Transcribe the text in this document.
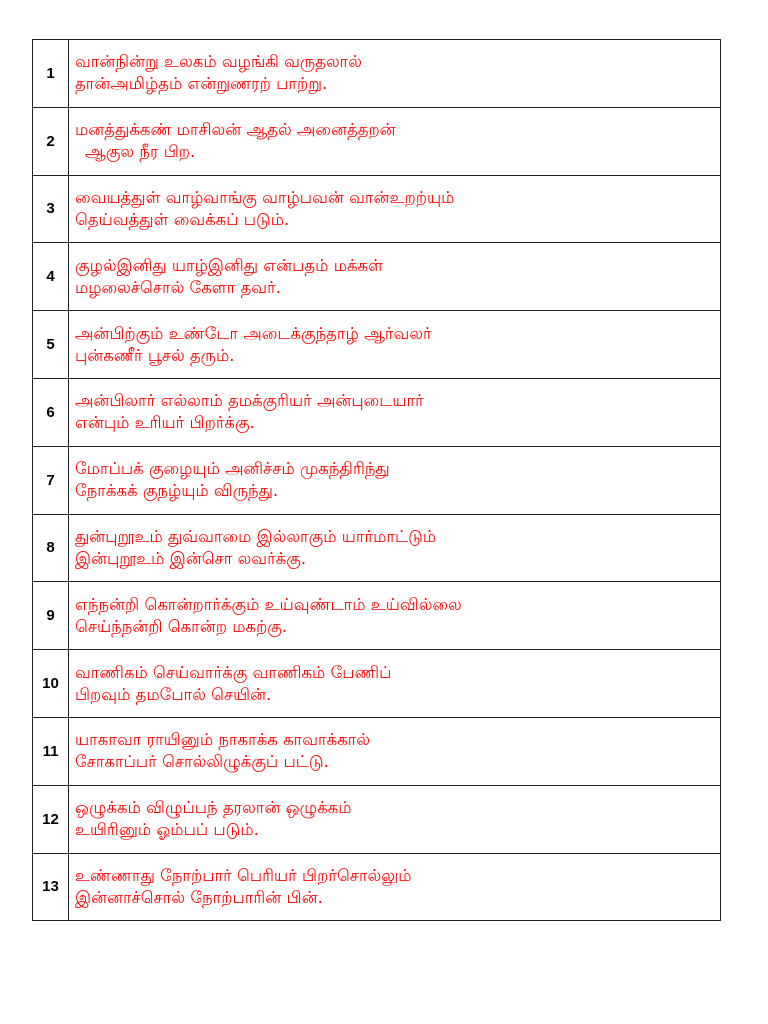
1	வான்நின்று உலகம் வழங்கி வருதலால்
தான்அமிழ்தம் என்றுணரற் பாற்று.

2	மனத்துக்கண் மாசிலன் ஆதல் அனைத்தறன்
ஆகுல நீர பிற.

3	வையத்துள் வாழ்வாங்கு வாழ்பவன் வான்உறற்யும்
தெய்வத்துள் வைக்கப் படும்.

4	குழல்இனிது யாழ்இனிது என்பதம் மக்கள்
மழலைச்சொல் கேளா தவர்.

5	அன்பிற்கும் உண்டோ அடைக்குந்தாழ் ஆர்வலர்
புன்கணீர் பூசல் தரும்.

6	அன்பிலார் எல்லாம் தமக்குரியர் அன்புடையார்
என்பும் உரியர் பிறர்க்கு.

7	மோப்பக் குழையும் அனிச்சம் முகந்திரிந்து
நோக்கக் குநழ்யும் விருந்து.

8	துன்புறூஉம் துவ்வாமை இல்லாகும் யார்மாட்டும்
இன்புறூஉம் இன்சொ லவர்க்கு.

9	எந்நன்றி கொன்றார்க்கும் உய்வுண்டாம் உய்வில்லை
செய்ந்நன்றி கொன்ற மகற்கு.

10	வாணிகம் செய்வார்க்கு வாணிகம் பேணிப்
பிறவும் தமபோல் செயின்.

11	யாகாவா ராயினும் நாகாக்க காவாக்கால்
சோகாப்பர் சொல்லிழுக்குப் பட்டு.

12	ஒழுக்கம் விழுப்பந் தரலான் ஒழுக்கம்
உயிரினும் ஓம்பப் படும்.

13	உண்ணாது நோற்பார் பெரியர் பிறர்சொல்லும்
இன்னாச்சொல் நோற்பாரின் பின்.
